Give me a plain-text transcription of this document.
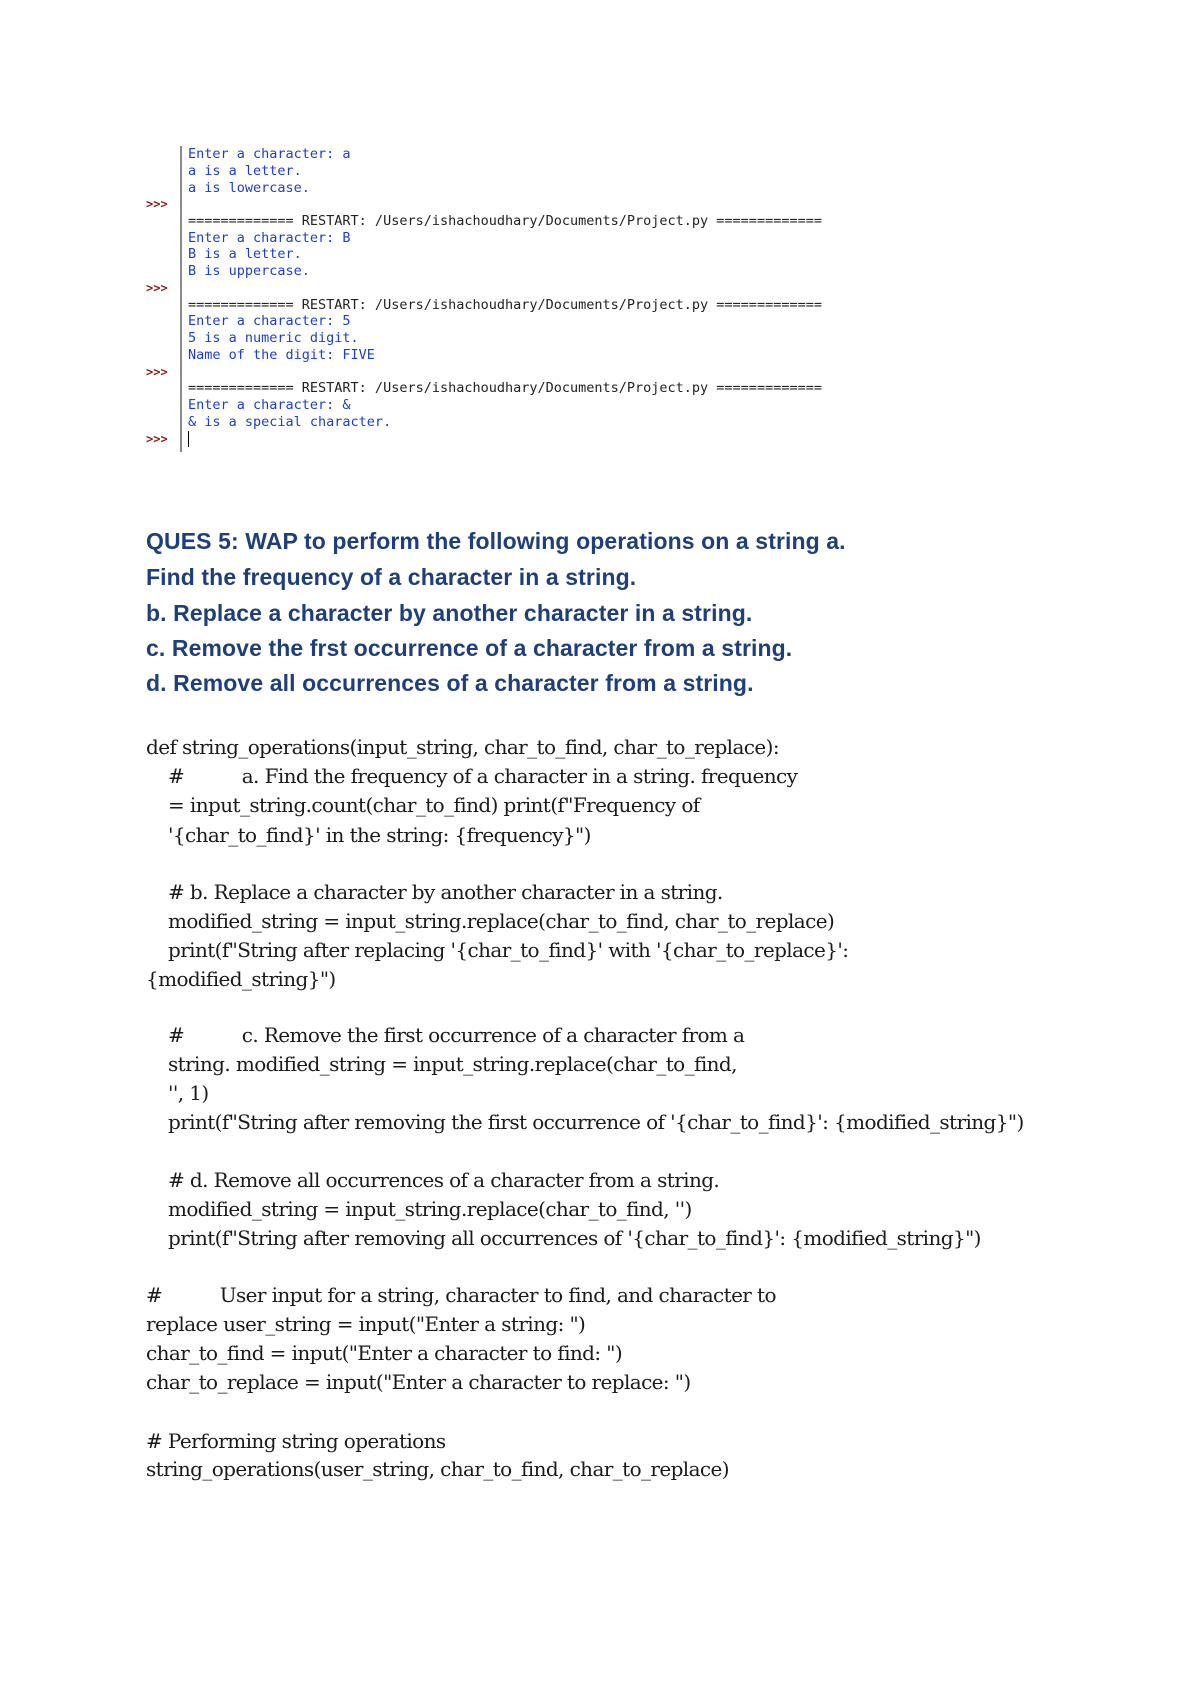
Enter a character: a
a is a letter.
a is lowercase.
>>>
============= RESTART: /Users/ishachoudhary/Documents/Project.py =============
Enter a character: B
B is a letter.
B is uppercase.
>>>
============= RESTART: /Users/ishachoudhary/Documents/Project.py =============
Enter a character: 5
5 is a numeric digit.
Name of the digit: FIVE
>>>
============= RESTART: /Users/ishachoudhary/Documents/Project.py =============
Enter a character: &
& is a special character.
>>>
QUES 5: WAP to perform the following operations on a string a.
Find the frequency of a character in a string.
b. Replace a character by another character in a string.
c. Remove the frst occurrence of a character from a string.
d. Remove all occurrences of a character from a string.
def string_operations(input_string, char_to_find, char_to_replace):
#          a. Find the frequency of a character in a string. frequency
= input_string.count(char_to_find) print(f"Frequency of
'{char_to_find}' in the string: {frequency}")
# b. Replace a character by another character in a string.
modified_string = input_string.replace(char_to_find, char_to_replace)
print(f"String after replacing '{char_to_find}' with '{char_to_replace}':
{modified_string}")
#          c. Remove the first occurrence of a character from a
string. modified_string = input_string.replace(char_to_find,
'', 1)
print(f"String after removing the first occurrence of '{char_to_find}': {modified_string}")
# d. Remove all occurrences of a character from a string.
modified_string = input_string.replace(char_to_find, '')
print(f"String after removing all occurrences of '{char_to_find}': {modified_string}")
#          User input for a string, character to find, and character to
replace user_string = input("Enter a string: ")
char_to_find = input("Enter a character to find: ")
char_to_replace = input("Enter a character to replace: ")
# Performing string operations
string_operations(user_string, char_to_find, char_to_replace)
